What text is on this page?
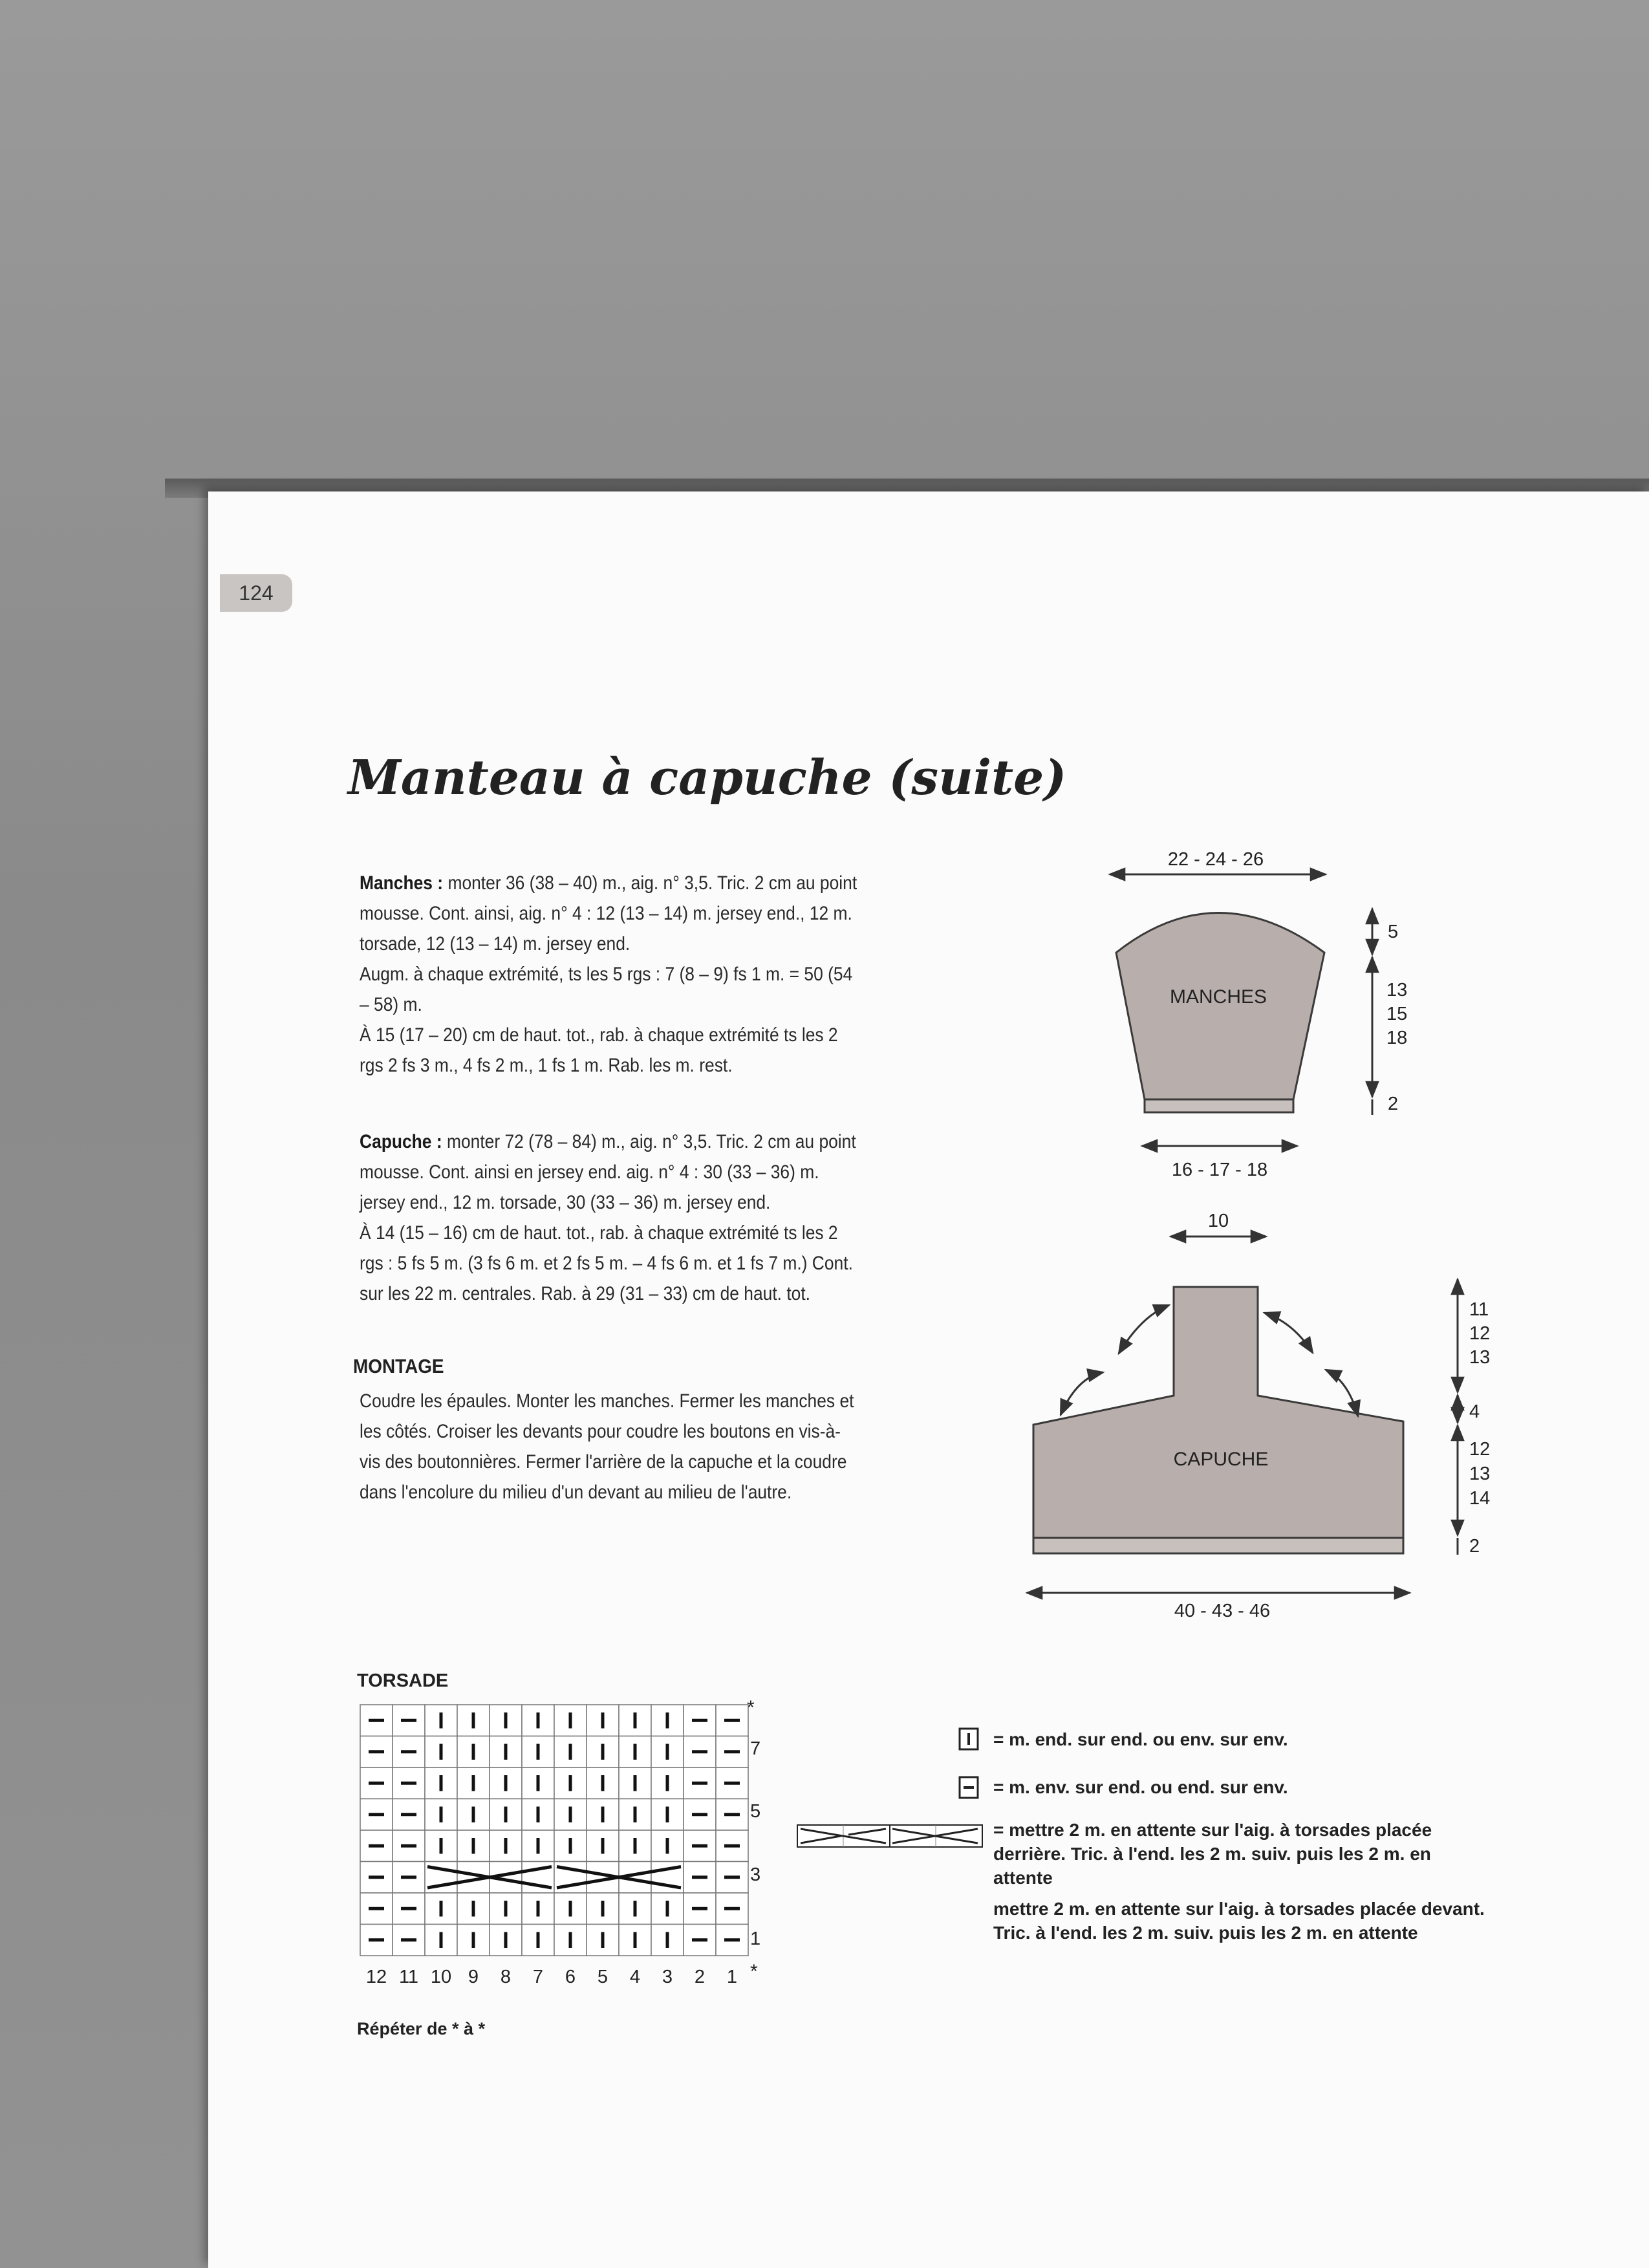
124
Manteau à capuche (suite)
Manches : monter 36 (38 – 40) m., aig. n° 3,5. Tric. 2 cm au point mousse. Cont. ainsi, aig. n° 4 : 12 (13 – 14) m. jersey end., 12 m. torsade, 12 (13 – 14) m. jersey end.
Augm. à chaque extrémité, ts les 5 rgs : 7 (8 – 9) fs 1 m. = 50 (54 – 58) m.
À 15 (17 – 20) cm de haut. tot., rab. à chaque extrémité ts les 2 rgs 2 fs 3 m., 4 fs 2 m., 1 fs 1 m. Rab. les m. rest.
Capuche : monter 72 (78 – 84) m., aig. n° 3,5. Tric. 2 cm au point mousse. Cont. ainsi en jersey end. aig. n° 4 : 30 (33 – 36) m. jersey end., 12 m. torsade, 30 (33 – 36) m. jersey end.
À 14 (15 – 16) cm de haut. tot., rab. à chaque extrémité ts les 2 rgs : 5 fs 5 m. (3 fs 6 m. et 2 fs 5 m. – 4 fs 6 m. et 1 fs 7 m.) Cont. sur les 22 m. centrales. Rab. à 29 (31 – 33) cm de haut. tot.
MONTAGE
Coudre les épaules. Monter les manches. Fermer les manches et les côtés. Croiser les devants pour coudre les boutons en vis-à-vis des boutonnières. Fermer l'arrière de la capuche et la coudre dans l'encolure du milieu d'un devant au milieu de l'autre.
TORSADE
Répéter de * à *
= m. end. sur end. ou env. sur env.
= m. env. sur end. ou end. sur env.
= mettre 2 m. en attente sur l'aig. à torsades placée derrière. Tric. à l'end. les 2 m. suiv. puis les 2 m. en attente
mettre 2 m. en attente sur l'aig. à torsades placée devant. Tric. à l'end. les 2 m. suiv. puis les 2 m. en attente
MANCHES
22 - 24 - 26
16 - 17 - 18
5
13
15
18
2
CAPUCHE
10
40 - 43 - 46
11
12
13
4
12
13
14
2
*
*
7
5
3
1
12 11 10 9 8 7 6 5 4 3 2 1
